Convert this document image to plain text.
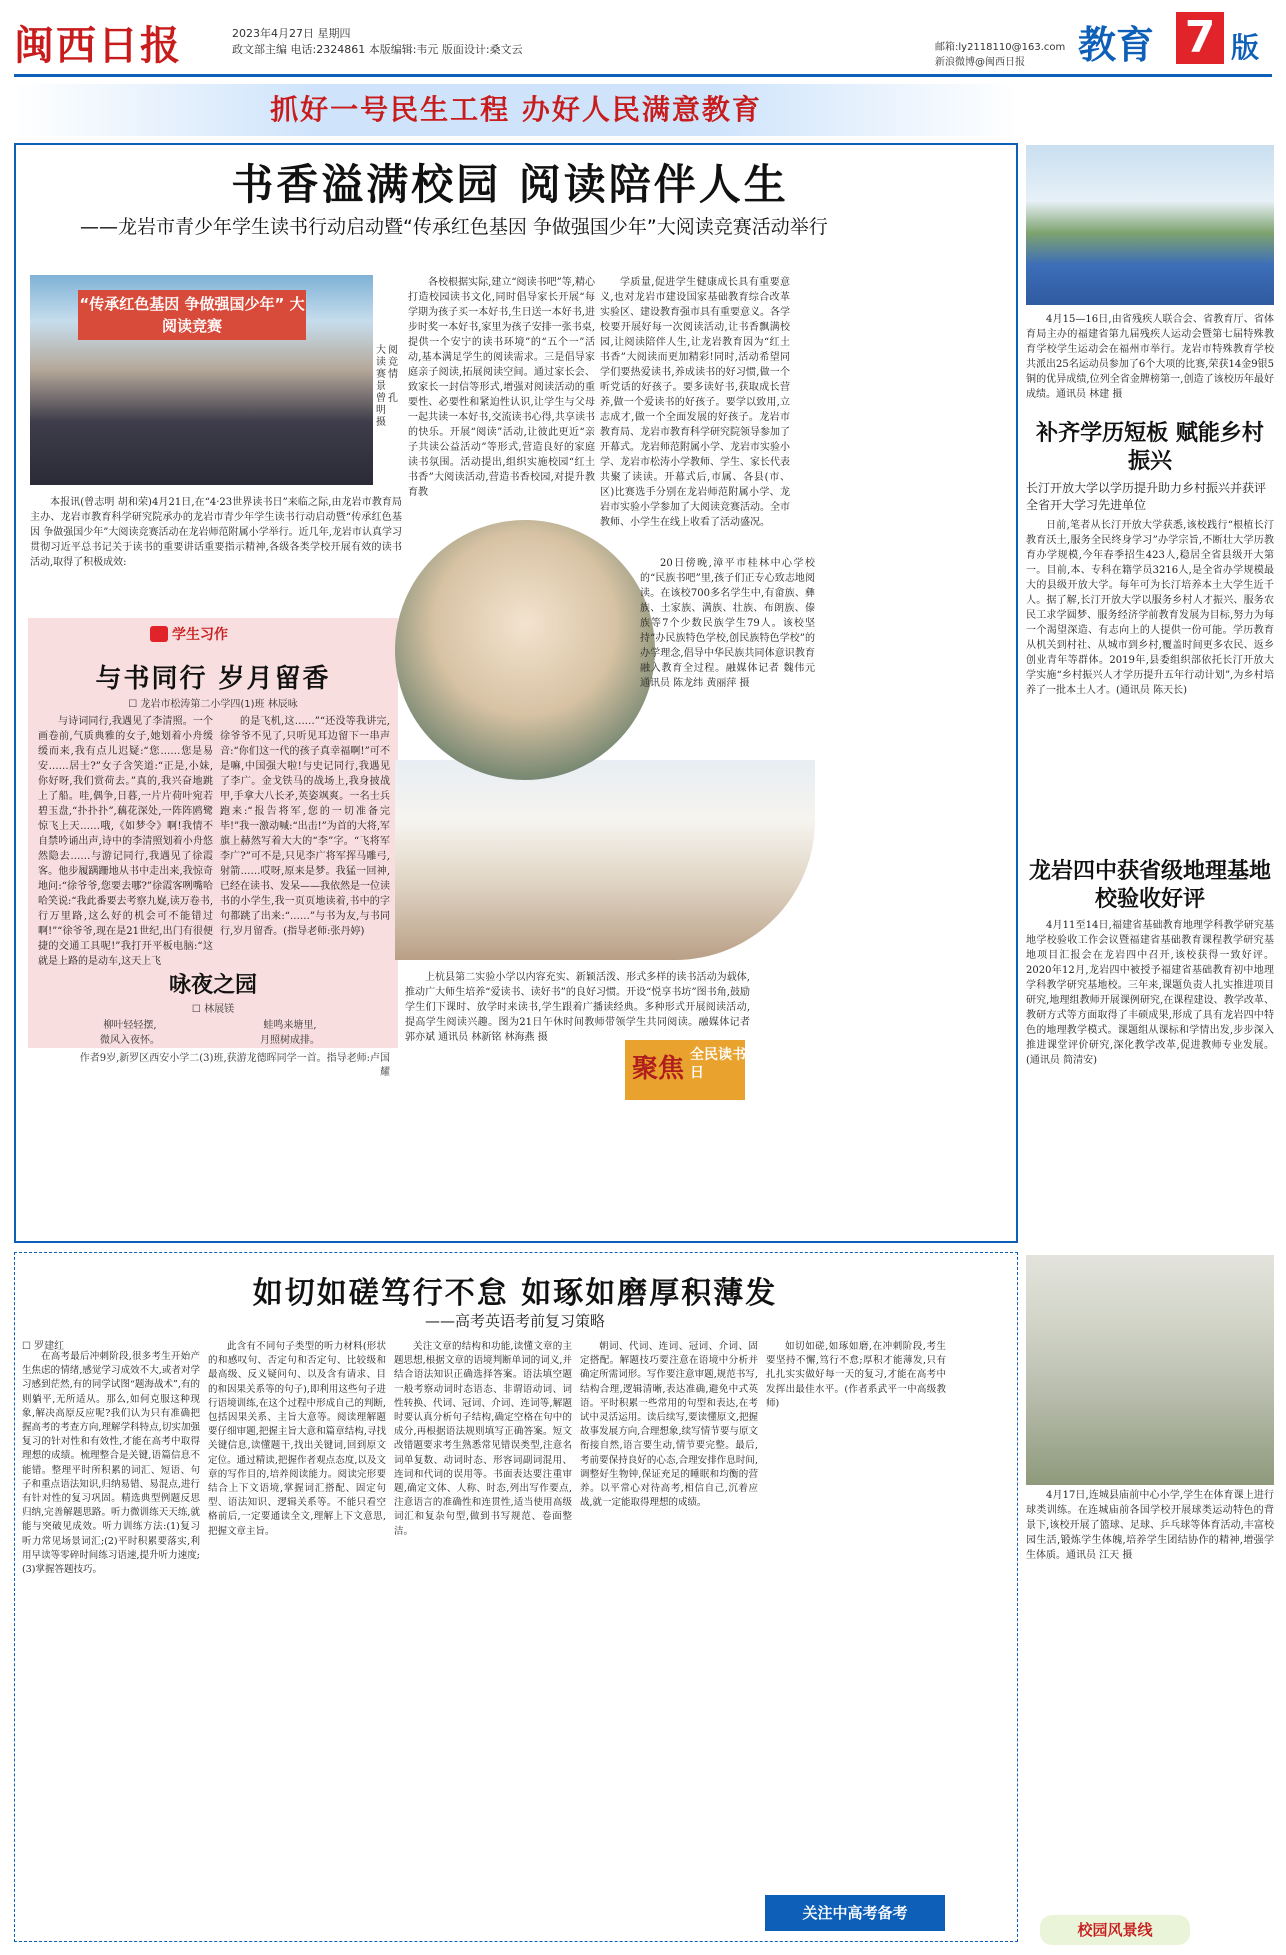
闽西日报	2023年4月27日 星期四
政文部主编 电话:2324861 本版编辑:韦元 版面设计:桑文云	邮箱:ly2118110@163.com
新浪微博@闽西日报	教育 7 版
抓好一号民生工程 办好人民满意教育
书香溢满校园 阅读陪伴人生
——龙岩市青少年学生读书行动启动暨“传承红色基因 争做强国少年”大阅读竞赛活动举行
“传承红色基因 争做强国少年” 大阅读竞赛
大阅读竞赛情景 曾孔明 摄

本报讯(曾志明 胡和荣)4月21日,在“4·23世界读书日”来临之际,由龙岩市教育局主办、龙岩市教育科学研究院承办的龙岩市青少年学生读书行动启动暨“传承红色基因 争做强国少年”大阅读竞赛活动在龙岩师范附属小学举行。近几年,龙岩市认真学习贯彻习近平总书记关于读书的重要讲话重要指示精神,各级各类学校开展有效的读书活动,取得了积极成效:

各校根据实际,建立“阅读书吧”等,精心打造校园读书文化,同时倡导家长开展“每学期为孩子买一本好书,生日送一本好书,进步时奖一本好书,家里为孩子安排一张书桌,提供一个安宁的读书环境”的“五个一”活动,基本满足学生的阅读需求。三是倡导家庭亲子阅读,拓展阅读空间。通过家长会、致家长一封信等形式,增强对阅读活动的重要性、必要性和紧迫性认识,让学生与父母一起共读一本好书,交流读书心得,共享读书的快乐。开展“阅读”活动,让彼此更近“亲子共读公益活动”等形式,营造良好的家庭读书氛围。活动提出,组织实施校园“红土书香”大阅读活动,营造书香校园,对提升教育教

学质量,促进学生健康成长具有重要意义,也对龙岩市建设国家基础教育综合改革实验区、建设教育强市具有重要意义。各学校要开展好每一次阅读活动,让书香飘满校园,让阅读陪伴人生,让龙岩教育因为“红土书香”大阅读而更加精彩!同时,活动希望同学们要热爱读书,养成读书的好习惯,做一个听党话的好孩子。要多读好书,获取成长营养,做一个爱读书的好孩子。要学以致用,立志成才,做一个全面发展的好孩子。龙岩市教育局、龙岩市教育科学研究院领导参加了开幕式。龙岩师范附属小学、龙岩市实验小学、龙岩市松涛小学教师、学生、家长代表共聚了读读。开幕式后,市属、各县(市、区)比赛选手分别在龙岩师范附属小学、龙岩市实验小学参加了大阅读竞赛活动。全市教师、小学生在线上收看了活动盛况。

学生习作
与书同行 岁月留香
☐ 龙岩市松涛第二小学四(1)班 林辰咏

与诗词同行,我遇见了李清照。一个画卷前,气质典雅的女子,她划着小舟缓缓而来,我有点儿迟疑:“您……您是易安……居士?”女子含笑道:“正是,小妹,你好呀,我们赏荷去。”真的,我兴奋地跳上了船。哇,偶争,日暮,一片片荷叶宛若碧玉盘,“扑扑扑”,藕花深处,一阵阵鸥鹭惊飞上天……哦,《如梦令》啊!我情不自禁吟诵出声,诗中的李清照划着小舟悠然隐去……与游记同行,我遇见了徐霞客。他步履蹒跚地从书中走出来,我惊奇地问:“徐爷爷,您要去哪?”徐霞客咧嘴哈哈笑说:“我此番要去考察九嶷,读万卷书,行万里路,这么好的机会可不能错过啊!”“徐爷爷,现在是21世纪,出门有很便捷的交通工具呢!”我打开平板电脑:“这就是上路的是动车,这天上飞

的是飞机,这……”“还没等我讲完,徐爷爷不见了,只听见耳边留下一串声音:“你们这一代的孩子真幸福啊!”可不是嘛,中国强大啦!与史记同行,我遇见了李广。金戈铁马的战场上,我身披战甲,手拿大八长矛,英姿飒爽。一名士兵跑来:“报告将军,您的一切准备完毕!”我一激动喊:“出击!”为首的大将,军旗上赫然写着大大的“李”字。“飞将军李广?”可不是,只见李广将军挥马雕弓,射箭……哎呀,原来是梦。我猛一回神,已经在读书、发呆——我依然是一位读书的小学生,我一页页地读着,书中的字句都跳了出来:“……”与书为友,与书同行,岁月留香。(指导老师:张丹婷)

咏夜之园
☐ 林展镁
柳叶轻轻摆,
微风入夜怀。
蛙鸣来塘里,
月照树成排。
作者9岁,新罗区西安小学二(3)班,获游龙德晖同学一首。指导老师:卢国耀

20日傍晚,漳平市桂林中心学校的“民族书吧”里,孩子们正专心致志地阅读。在该校700多名学生中,有畲族、彝族、土家族、满族、壮族、布朗族、傣族等7个少数民族学生79人。该校坚持“办民族特色学校,创民族特色学校”的办学理念,倡导中华民族共同体意识教育融入教育全过程。融媒体记者 魏伟元 通讯员 陈龙纬 黄丽萍 摄

上杭县第二实验小学以内容充实、新颖活泼、形式多样的读书活动为载体,推动广大师生培养“爱读书、读好书”的良好习惯。开设“悦享书坊”图书角,鼓励学生们下课时、放学时来读书,学生跟着广播读经典。多种形式开展阅读活动,提高学生阅读兴趣。图为21日午休时间教师带领学生共同阅读。融媒体记者 郭亦斌 通讯员 林新铭 林海燕 摄

聚焦 全民读书日
如切如磋笃行不怠 如琢如磨厚积薄发
——高考英语考前复习策略
☐ 罗建红

在高考最后冲刺阶段,很多考生开始产生焦虑的情绪,感觉学习成效不大,或者对学习感到茫然,有的同学试图“题海战术”,有的则躺平,无所适从。那么,如何克服这种现象,解决高原反应呢?我们认为只有准确把握高考的考查方向,理解学科特点,切实加强复习的针对性和有效性,才能在高考中取得理想的成绩。梳理整合是关键,语篇信息不能错。整理平时所积累的词汇、短语、句子和重点语法知识,归纳易错、易混点,进行有针对性的复习巩固。精选典型例题反思归纳,完善解题思路。听力微训练天天练,就能与突破见成效。听力训练方法:(1)复习听力常见场景词汇;(2)平时积累要落实,利用早读等零碎时间练习语速,提升听力速度;(3)掌握答题技巧。

此含有不同句子类型的听力材料(形状的和感叹句、否定句和否定句、比较级和最高级、反义疑问句、以及含有请求、目的和因果关系等的句子),即利用这些句子进行语境训练,在这个过程中形成自己的判断,包括因果关系、主旨大意等。阅读理解题要仔细审题,把握主旨大意和篇章结构,寻找关键信息,读懂题干,找出关键词,回到原文定位。通过精读,把握作者观点态度,以及文章的写作目的,培养阅读能力。阅读完形要结合上下文语境,掌握词汇搭配、固定句型、语法知识、逻辑关系等。不能只看空格前后,一定要通读全文,理解上下文意思,把握文章主旨。

关注文章的结构和功能,读懂文章的主题思想,根据文章的语境判断单词的词义,并结合语法知识正确选择答案。语法填空题一般考察动词时态语态、非谓语动词、词性转换、代词、冠词、介词、连词等,解题时要认真分析句子结构,确定空格在句中的成分,再根据语法规则填写正确答案。短文改错题要求考生熟悉常见错误类型,注意名词单复数、动词时态、形容词副词混用、连词和代词的误用等。书面表达要注重审题,确定文体、人称、时态,列出写作要点,注意语言的准确性和连贯性,适当使用高级词汇和复杂句型,做到书写规范、卷面整洁。

朝词、代词、连词、冠词、介词、固定搭配。解题技巧要注意在语境中分析并确定所需词形。写作要注意审题,规范书写,结构合理,逻辑清晰,表达准确,避免中式英语。平时积累一些常用的句型和表达,在考试中灵活运用。读后续写,要读懂原文,把握故事发展方向,合理想象,续写情节要与原文衔接自然,语言要生动,情节要完整。最后,考前要保持良好的心态,合理安排作息时间,调整好生物钟,保证充足的睡眠和均衡的营养。以平常心对待高考,相信自己,沉着应战,就一定能取得理想的成绩。

如切如磋,如琢如磨,在冲刺阶段,考生要坚持不懈,笃行不怠;厚积才能薄发,只有扎扎实实做好每一天的复习,才能在高考中发挥出最佳水平。(作者系武平一中高级教师)

关注中高考备考

4月15—16日,由省残疾人联合会、省教育厅、省体育局主办的福建省第九届残疾人运动会暨第七届特殊教育学校学生运动会在福州市举行。龙岩市特殊教育学校共派出25名运动员参加了6个大项的比赛,荣获14金9银5铜的优异成绩,位列全省金牌榜第一,创造了该校历年最好成绩。通讯员 林建 摄

补齐学历短板 赋能乡村振兴
长汀开放大学以学历提升助力乡村振兴并获评全省开大学习先进单位

日前,笔者从长汀开放大学获悉,该校践行“根植长汀教育沃土,服务全民终身学习”办学宗旨,不断壮大学历教育办学规模,今年春季招生423人,稳居全省县级开大第一。目前,本、专科在籍学员3216人,是全省办学规模最大的县级开放大学。每年可为长汀培养本土大学生近千人。据了解,长汀开放大学以服务乡村人才振兴、服务农民工求学圆梦、服务经济学前教育发展为目标,努力为每一个渴望深造、有志向上的人提供一份可能。学历教育从机关到村社、从城市到乡村,覆盖时间更多农民、返乡创业青年等群体。2019年,县委组织部依托长汀开放大学实施“乡村振兴人才学历提升五年行动计划”,为乡村培养了一批本土人才。(通讯员 陈天长)

龙岩四中获省级地理基地校验收好评

4月11至14日,福建省基础教育地理学科教学研究基地学校验收工作会议暨福建省基础教育课程教学研究基地项目汇报会在龙岩四中召开,该校获得一致好评。2020年12月,龙岩四中被授予福建省基础教育初中地理学科教学研究基地校。三年来,课题负责人扎实推进项目研究,地理组教师开展课例研究,在课程建设、教学改革、教研方式等方面取得了丰硕成果,形成了具有龙岩四中特色的地理教学模式。课题组从课标和学情出发,步步深入推进课堂评价研究,深化教学改革,促进教师专业发展。(通讯员 简清安)

4月17日,连城县庙前中心小学,学生在体育课上进行球类训练。在连城庙前各国学校开展球类运动特色的背景下,该校开展了篮球、足球、乒乓球等体育活动,丰富校园生活,锻炼学生体魄,培养学生团结协作的精神,增强学生体质。通讯员 江天 摄

校园风景线
